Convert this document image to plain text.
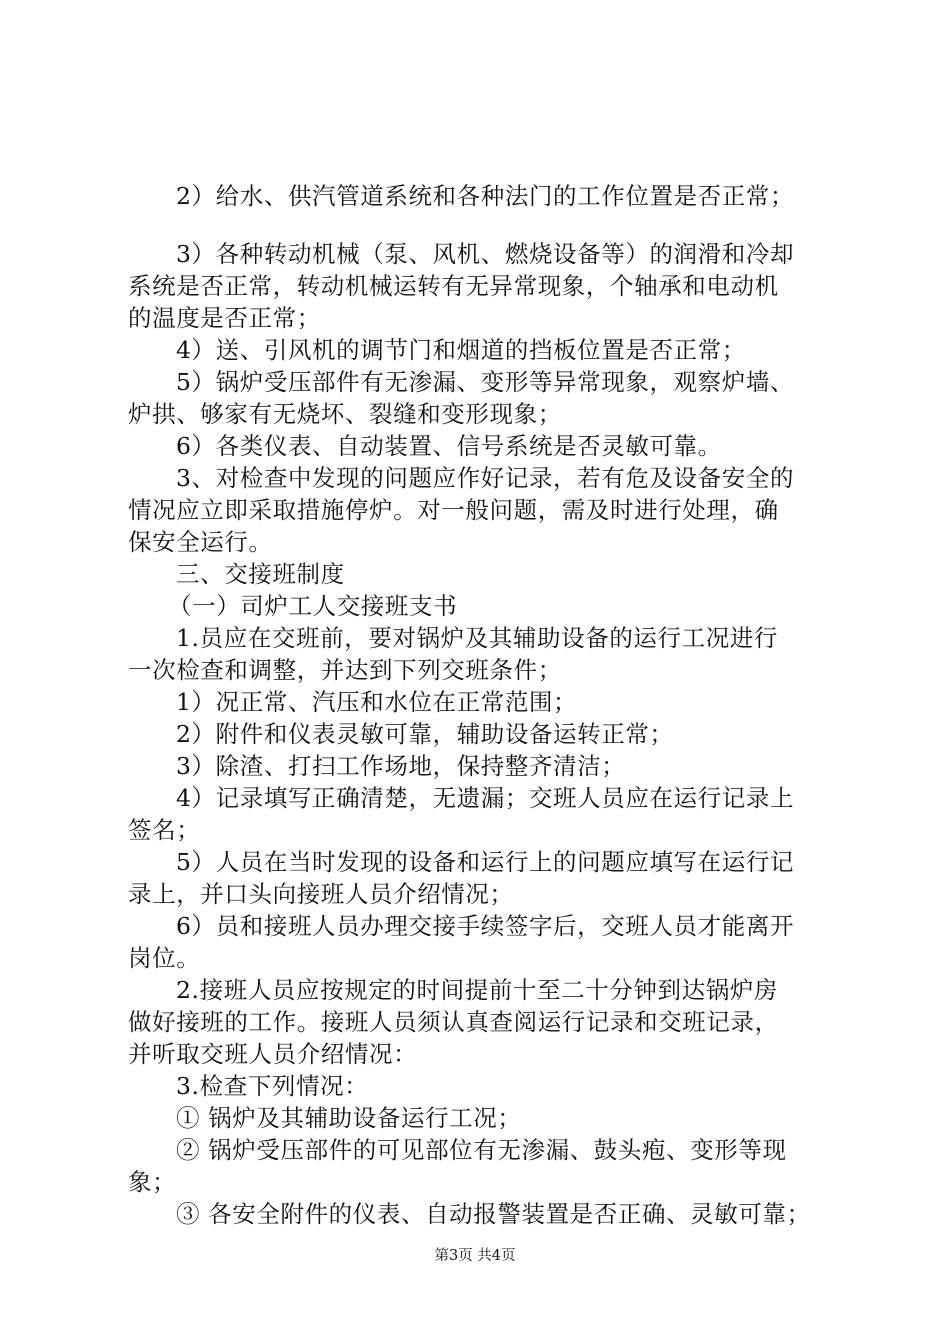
2）给水、供汽管道系统和各种法门的工作位置是否正常；
3）各种转动机械（泵、风机、燃烧设备等）的润滑和冷却
系统是否正常，转动机械运转有无异常现象，个轴承和电动机
的温度是否正常；
4）送、引风机的调节门和烟道的挡板位置是否正常；
5）锅炉受压部件有无渗漏、变形等异常现象，观察炉墙、
炉拱、够家有无烧坏、裂缝和变形现象；
6）各类仪表、自动装置、信号系统是否灵敏可靠。
3、对检查中发现的问题应作好记录，若有危及设备安全的
情况应立即采取措施停炉。对一般问题，需及时进行处理，确
保安全运行。
三、交接班制度
（一）司炉工人交接班支书
1.员应在交班前，要对锅炉及其辅助设备的运行工况进行
一次检查和调整，并达到下列交班条件；
1）况正常、汽压和水位在正常范围；
2）附件和仪表灵敏可靠，辅助设备运转正常；
3）除渣、打扫工作场地，保持整齐清洁；
4）记录填写正确清楚，无遗漏；交班人员应在运行记录上
签名；
5）人员在当时发现的设备和运行上的问题应填写在运行记
录上，并口头向接班人员介绍情况；
6）员和接班人员办理交接手续签字后，交班人员才能离开
岗位。
2.接班人员应按规定的时间提前十至二十分钟到达锅炉房
做好接班的工作。接班人员须认真查阅运行记录和交班记录，
并听取交班人员介绍情况：
3.检查下列情况：
① 锅炉及其辅助设备运行工况；
② 锅炉受压部件的可见部位有无渗漏、鼓头疱、变形等现
象；
③ 各安全附件的仪表、自动报警装置是否正确、灵敏可靠；
第3页 共4页
